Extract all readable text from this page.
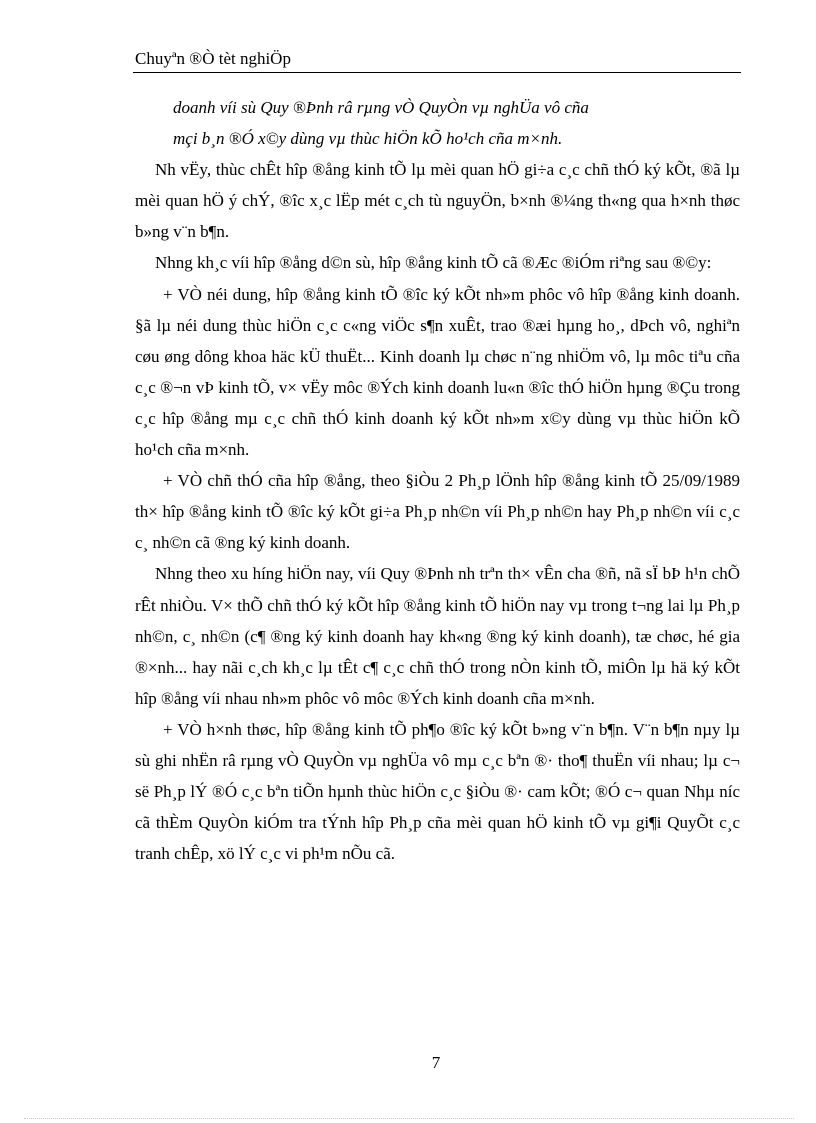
Chuyªn ®Ò tèt nghiÖp

doanh víi sù Quy ®Þnh râ rµng vÒ QuyÒn vµ nghÜa vô cña

mçi b¸n ®Ó x©y dùng vµ thùc hiÖn kÕ ho¹ch cña m×nh.

Nh vËy, thùc chÊt hîp ®ång kinh tÕ lµ mèi quan hÖ gi÷a c¸c chñ thÓ ký kÕt, ®ã lµ mèi quan hÖ ý chÝ, ®îc x¸c lËp mét c¸ch tù nguyÖn, b×nh ®¼ng th«ng qua h×nh thøc b»ng v¨n b¶n.

Nhng kh¸c víi hîp ®ång d©n sù, hîp ®ång kinh tÕ cã ®Æc ®iÓm riªng sau ®©y:

+ VÒ néi dung, hîp ®ång kinh tÕ ®îc ký kÕt nh»m phôc vô hîp ®ång kinh doanh. §ã lµ néi dung thùc hiÖn c¸c c«ng viÖc s¶n xuÊt, trao ®æi hµng ho¸, dÞch vô, nghiªn cøu øng dông khoa häc kÜ thuËt... Kinh doanh lµ chøc n¨ng nhiÖm vô, lµ môc tiªu cña c¸c ®¬n vÞ kinh tÕ, v× vËy môc ®Ých kinh doanh lu«n ®îc thÓ hiÖn hµng ®Çu trong c¸c hîp ®ång mµ c¸c chñ thÓ kinh doanh ký kÕt nh»m x©y dùng vµ thùc hiÖn kÕ ho¹ch cña m×nh.

+ VÒ chñ thÓ cña hîp ®ång, theo §iÒu 2 Ph¸p lÖnh hîp ®ång kinh tÕ 25/09/1989 th× hîp ®ång kinh tÕ ®îc ký kÕt gi÷a Ph¸p nh©n víi Ph¸p nh©n hay Ph¸p nh©n víi c¸c c¸ nh©n cã ®ng ký kinh doanh.

Nhng theo xu híng hiÖn nay, víi Quy ®Þnh nh trªn th× vÊn cha ®ñ, nã sÏ bÞ h¹n chÕ rÊt nhiÒu. V× thÕ chñ thÓ ký kÕt hîp ®ång kinh tÕ hiÖn nay vµ trong t¬ng lai lµ Ph¸p nh©n, c¸ nh©n (c¶ ®ng ký kinh doanh hay kh«ng ®ng ký kinh doanh), tæ chøc, hé gia ®×nh... hay nãi c¸ch kh¸c lµ tÊt c¶ c¸c chñ thÓ trong nÒn kinh tÕ, miÔn lµ hä ký kÕt hîp ®ång víi nhau nh»m phôc vô môc ®Ých kinh doanh cña m×nh.

+ VÒ h×nh thøc, hîp ®ång kinh tÕ ph¶o ®îc ký kÕt b»ng v¨n b¶n. V¨n b¶n nµy lµ sù ghi nhËn râ rµng vÒ QuyÒn vµ nghÜa vô mµ c¸c bªn ®· tho¶ thuËn víi nhau; lµ c¬ së Ph¸p lÝ ®Ó c¸c bªn tiÕn hµnh thùc hiÖn c¸c §iÒu ®· cam kÕt; ®Ó c¬ quan Nhµ níc cã thÈm QuyÒn kiÓm tra tÝnh hîp Ph¸p cña mèi quan hÖ kinh tÕ vµ gi¶i QuyÕt c¸c tranh chÊp, xö lÝ c¸c vi ph¹m nÕu cã.

7
